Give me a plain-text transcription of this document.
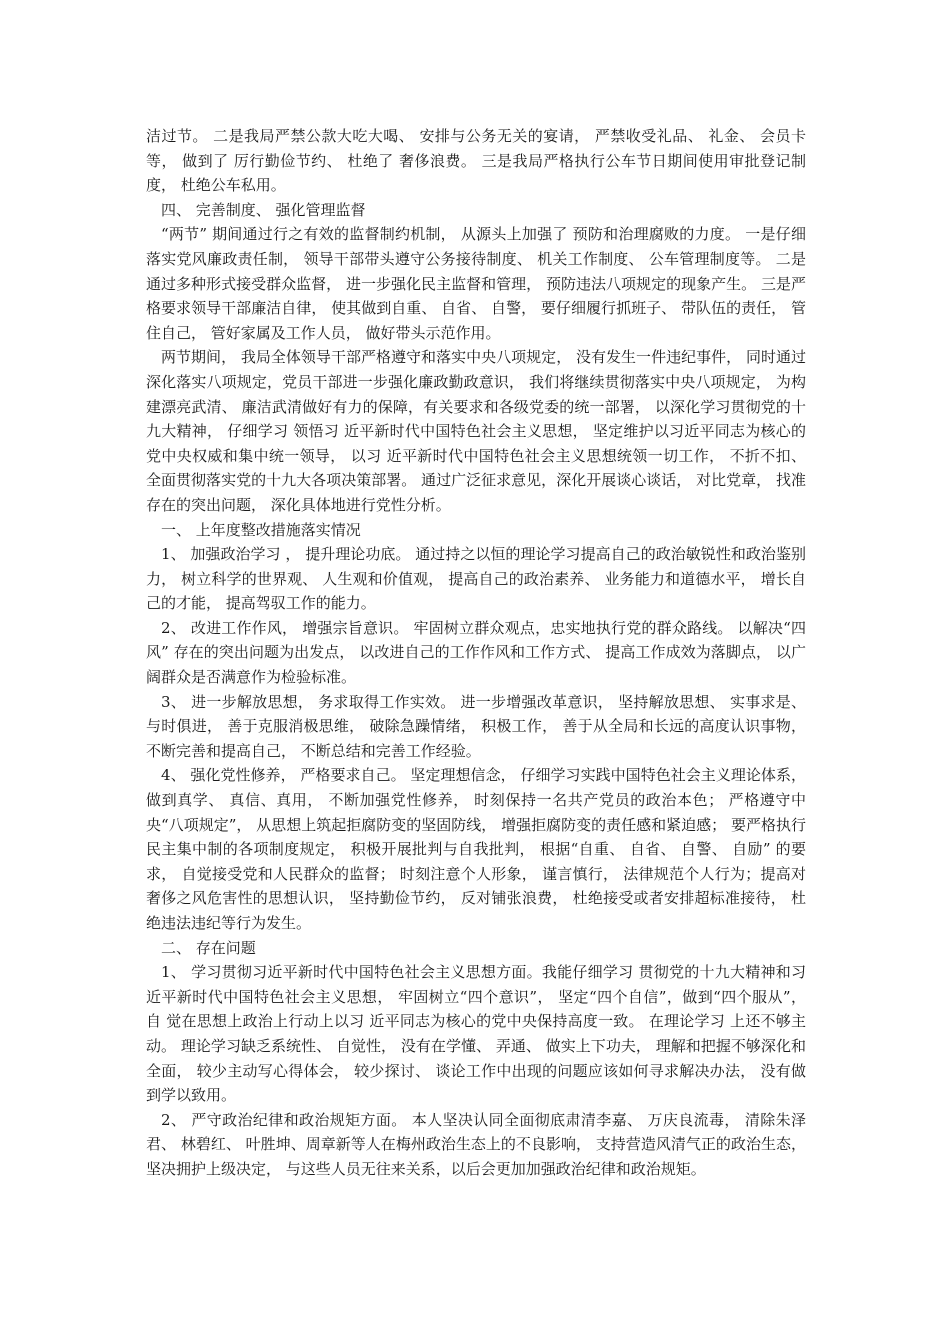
洁过节。 二是我局严禁公款大吃大喝、 安排与公务无关的宴请， 严禁收受礼品、 礼金、 会员卡等， 做到了 厉行勤俭节约、 杜绝了 奢侈浪费。 三是我局严格执行公车节日期间使用审批登记制度， 杜绝公车私用。

四、 完善制度、 强化管理监督

“两节” 期间通过行之有效的监督制约机制， 从源头上加强了 预防和治理腐败的力度。 一是仔细落实党风廉政责任制， 领导干部带头遵守公务接待制度、 机关工作制度、 公车管理制度等。 二是通过多种形式接受群众监督， 进一步强化民主监督和管理， 预防违法八项规定的现象产生。 三是严格要求领导干部廉洁自律， 使其做到自重、 自省、 自警， 要仔细履行抓班子、 带队伍的责任， 管住自己， 管好家属及工作人员， 做好带头示范作用。

两节期间， 我局全体领导干部严格遵守和落实中央八项规定， 没有发生一件违纪事件， 同时通过深化落实八项规定，党员干部进一步强化廉政勤政意识， 我们将继续贯彻落实中央八项规定， 为构建漂亮武清、 廉洁武清做好有力的保障，有关要求和各级党委的统一部署， 以深化学习贯彻党的十九大精神， 仔细学习 领悟习 近平新时代中国特色社会主义思想， 坚定维护以习近平同志为核心的党中央权威和集中统一领导， 以习 近平新时代中国特色社会主义思想统领一切工作， 不折不扣、 全面贯彻落实党的十九大各项决策部署。 通过广泛征求意见，深化开展谈心谈话， 对比党章， 找准存在的突出问题， 深化具体地进行党性分析。

一、 上年度整改措施落实情况

1、 加强政治学习 ， 提升理论功底。 通过持之以恒的理论学习提高自己的政治敏锐性和政治鉴别力， 树立科学的世界观、 人生观和价值观， 提高自己的政治素养、 业务能力和道德水平， 增长自己的才能， 提高驾驭工作的能力。

2、 改进工作作风， 增强宗旨意识。 牢固树立群众观点，忠实地执行党的群众路线。 以解决“四风” 存在的突出问题为出发点， 以改进自己的工作作风和工作方式、 提高工作成效为落脚点， 以广阔群众是否满意作为检验标准。

3、 进一步解放思想， 务求取得工作实效。 进一步增强改革意识， 坚持解放思想、 实事求是、 与时俱进， 善于克服消极思维， 破除急躁情绪， 积极工作， 善于从全局和长远的高度认识事物， 不断完善和提高自己， 不断总结和完善工作经验。

4、 强化党性修养， 严格要求自己。 坚定理想信念， 仔细学习实践中国特色社会主义理论体系， 做到真学、 真信、真用， 不断加强党性修养， 时刻保持一名共产党员的政治本色； 严格遵守中央“八项规定”， 从思想上筑起拒腐防变的坚固防线， 增强拒腐防变的责任感和紧迫感； 要严格执行民主集中制的各项制度规定， 积极开展批判与自我批判， 根据“自重、 自省、 自警、 自励” 的要求， 自觉接受党和人民群众的监督； 时刻注意个人形象， 谨言慎行， 法律规范个人行为；提高对奢侈之风危害性的思想认识， 坚持勤俭节约， 反对铺张浪费， 杜绝接受或者安排超标准接待， 杜绝违法违纪等行为发生。

二、 存在问题

1、 学习贯彻习近平新时代中国特色社会主义思想方面。我能仔细学习 贯彻党的十九大精神和习 近平新时代中国特色社会主义思想， 牢固树立“四个意识”， 坚定“四个自信”，做到“四个服从”， 自 觉在思想上政治上行动上以习 近平同志为核心的党中央保持高度一致。 在理论学习 上还不够主动。 理论学习缺乏系统性、 自觉性， 没有在学懂、 弄通、 做实上下功夫， 理解和把握不够深化和全面， 较少主动写心得体会， 较少探讨、 谈论工作中出现的问题应该如何寻求解决办法， 没有做到学以致用。

2、 严守政治纪律和政治规矩方面。 本人坚决认同全面彻底肃清李嘉、 万庆良流毒， 清除朱泽君、 林碧红、 叶胜坤、周章新等人在梅州政治生态上的不良影响， 支持营造风清气正的政治生态， 坚决拥护上级决定， 与这些人员无往来关系，以后会更加加强政治纪律和政治规矩。
